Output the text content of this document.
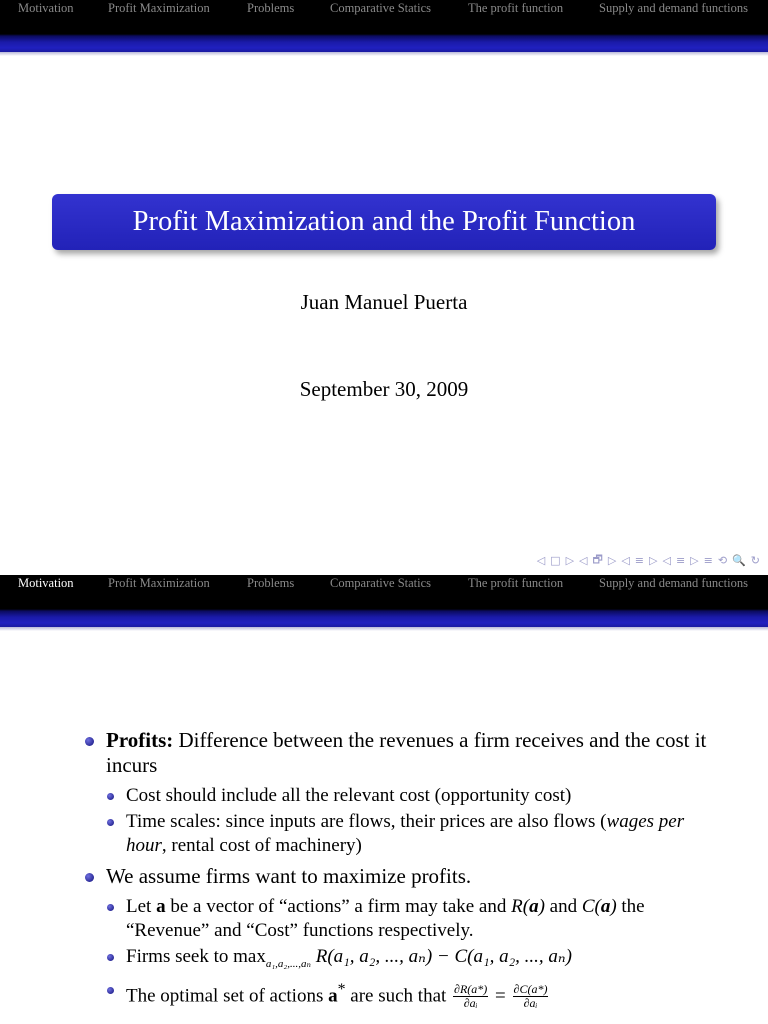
Motivation	Profit Maximization	Problems	Comparative Statics	The profit function	Supply and demand functions
Profit Maximization and the Profit Function
Juan Manuel Puerta
September 30, 2009
◁ □ ▷ ◁ 🗗 ▷ ◁ ≡ ▷ ◁ ≡ ▷ ≡ ⟲ 🔍 ↻
Motivation	Profit Maximization	Problems	Comparative Statics	The profit function	Supply and demand functions
Profits: Difference between the revenues a firm receives and the cost it incurs
Cost should include all the relevant cost (opportunity cost)
Time scales: since inputs are flows, their prices are also flows (wages per hour, rental cost of machinery)
We assume firms want to maximize profits.
Let a be a vector of “actions” a firm may take and R(a) and C(a) the “Revenue” and “Cost” functions respectively.
Firms seek to $\max_{a_1,a_2,...,a_n} R(a_1$, a₂, ..., aₙ) − C(a₁, a₂, ..., aₙ)
The optimal set of actions a* are such that $\frac{\partial R(a*)}{\text{∂aᵢ}} = \frac{\partial C(a*)}{\text{∂aᵢ}}$
